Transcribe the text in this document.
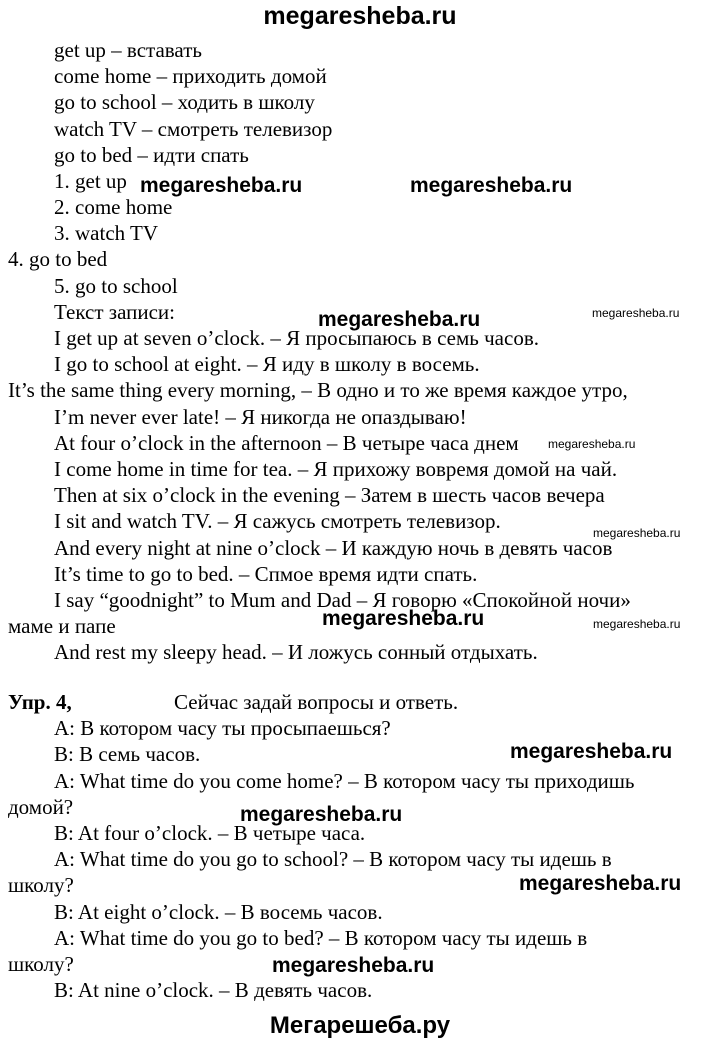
megaresheba.ru
get up – вставать
come home – приходить домой
go to school – ходить в школу
watch TV – смотреть телевизор
go to bed – идти спать
1. get up
2. come home
3. watch TV
4. go to bed
5. go to school
Текст записи:
I get up at seven o’clock. – Я просыпаюсь в семь часов.
I go to school at eight. – Я иду в школу в восемь.
It’s the same thing every morning, – В одно и то же время каждое утро,
I’m never ever late! – Я никогда не опаздываю!
At four o’clock in the afternoon – В четыре часа днем
I come home in time for tea. – Я прихожу вовремя домой на чай.
Then at six o’clock in the evening – Затем в шесть часов вечера
I sit and watch TV. – Я сажусь смотреть телевизор.
And every night at nine o’clock – И каждую ночь в девять часов
It’s time to go to bed. – Спмое время идти спать.
I say “goodnight” to Mum and Dad – Я говорю «Спокойной ночи»
маме и папе
And rest my sleepy head. – И ложусь сонный отдыхать.
Упр. 4,	Сейчас задай вопросы и ответь.
A: В котором часу ты просыпаешься?
B: В семь часов.
A: What time do you come home? – В котором часу ты приходишь
домой?
B: At four o’clock. – В четыре часа.
A: What time do you go to school? – В котором часу ты идешь в
школу?
B: At eight o’clock. – В восемь часов.
A: What time do you go to bed? – В котором часу ты идешь в
школу?
B: At nine o’clock. – В девять часов.
megaresheba.ru	megaresheba.ru
megaresheba.ru	megaresheba.ru
megaresheba.ru
megaresheba.ru
megaresheba.ru
megaresheba.ru
megaresheba.ru
megaresheba.ru
megaresheba.ru
megaresheba.ru
Мегарешеба.ру
